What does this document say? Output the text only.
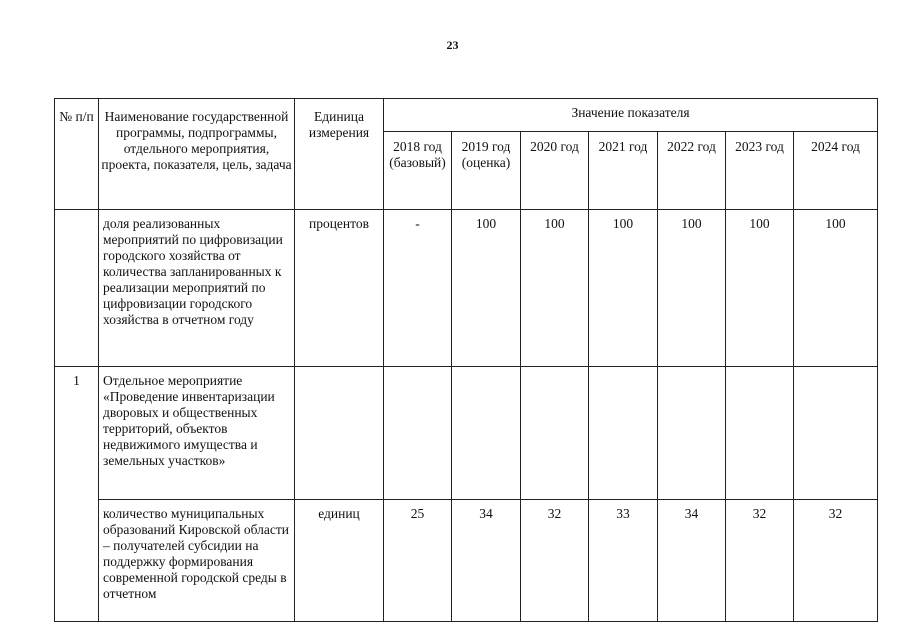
23
№ п/п	Наименование государственной программы, подпрограммы, отдельного мероприятия, проекта, показателя, цель, задача	Единица измерения	Значение показателя						
			2018 год (базовый)	2019 год (оценка)	2020 год	2021 год	2022 год	2023 год	2024 год
	доля реализованных мероприятий по цифровизации городского хозяйства от количества запланированных к реализации мероприятий по цифровизации городского хозяйства в отчетном году	процентов	-	100	100	100	100	100	100
1	Отдельное мероприятие «Проведение инвентаризации дворовых и общественных территорий, объектов недвижимого имущества и земельных участков»								
	количество муниципальных образований Кировской области – получателей субсидии на поддержку формирования современной городской среды в отчетном	единиц	25	34	32	33	34	32	32
